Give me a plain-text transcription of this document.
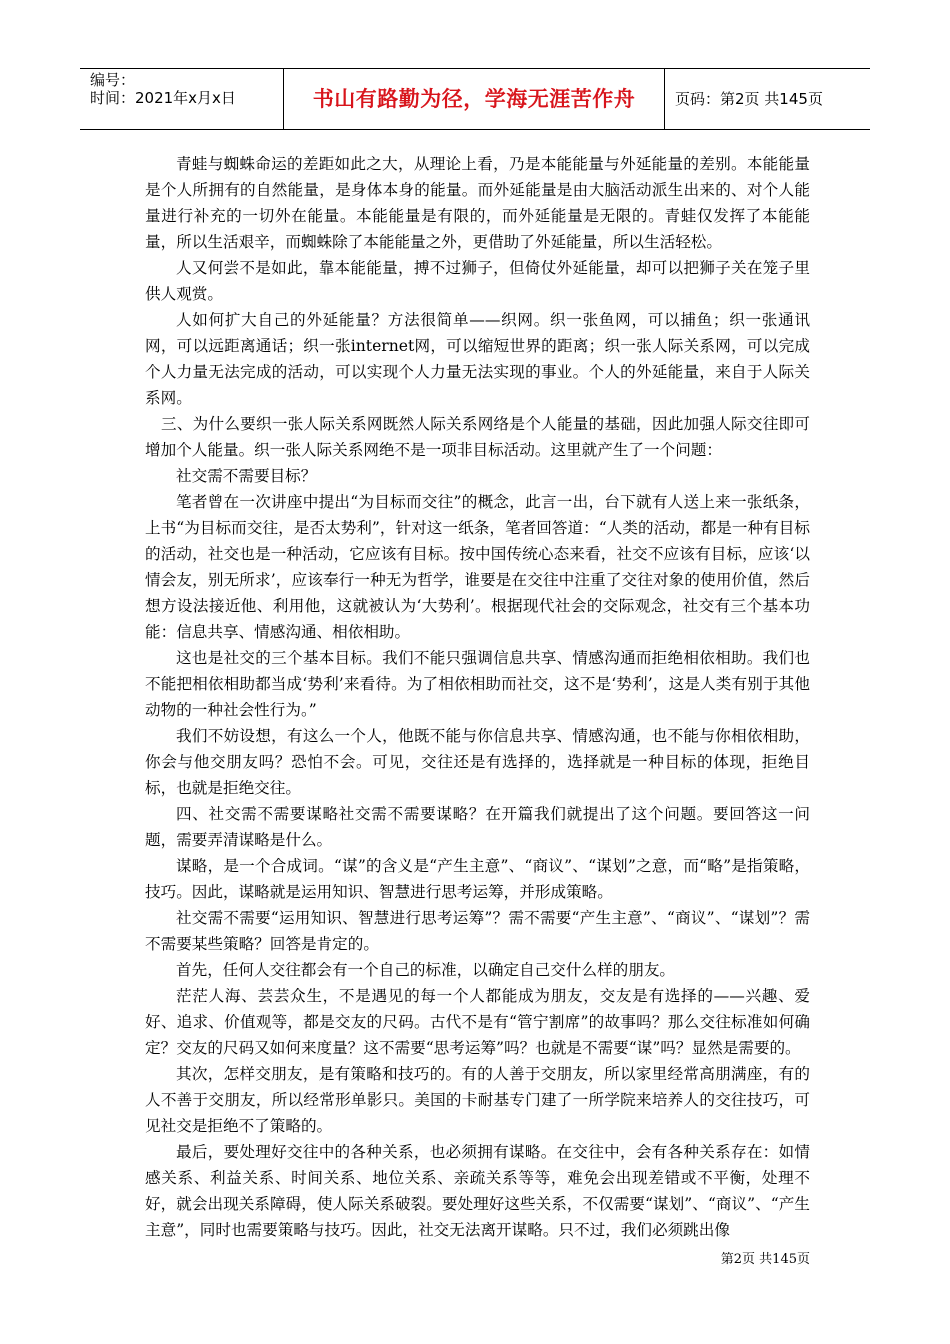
编号：
时间：2021年x月x日	书山有路勤为径，学海无涯苦作舟	页码：第2页 共145页

青蛙与蜘蛛命运的差距如此之大，从理论上看，乃是本能能量与外延能量的差别。本能能量是个人所拥有的自然能量，是身体本身的能量。而外延能量是由大脑活动派生出来的、对个人能量进行补充的一切外在能量。本能能量是有限的，而外延能量是无限的。青蛙仅发挥了本能能量，所以生活艰辛，而蜘蛛除了本能能量之外，更借助了外延能量，所以生活轻松。

人又何尝不是如此，靠本能能量，搏不过狮子，但倚仗外延能量，却可以把狮子关在笼子里供人观赏。

人如何扩大自己的外延能量？方法很简单——织网。织一张鱼网，可以捕鱼；织一张通讯网，可以远距离通话；织一张internet网，可以缩短世界的距离；织一张人际关系网，可以完成个人力量无法完成的活动，可以实现个人力量无法实现的事业。个人的外延能量，来自于人际关系网。

三、为什么要织一张人际关系网既然人际关系网络是个人能量的基础，因此加强人际交往即可增加个人能量。织一张人际关系网绝不是一项非目标活动。这里就产生了一个问题：

社交需不需要目标？

笔者曾在一次讲座中提出“为目标而交往”的概念，此言一出，台下就有人送上来一张纸条，上书“为目标而交往，是否太势利”，针对这一纸条，笔者回答道：“人类的活动，都是一种有目标的活动，社交也是一种活动，它应该有目标。按中国传统心态来看，社交不应该有目标，应该‘以情会友，别无所求’，应该奉行一种无为哲学，谁要是在交往中注重了交往对象的使用价值，然后想方设法接近他、利用他，这就被认为‘大势利’。根据现代社会的交际观念，社交有三个基本功能：信息共享、情感沟通、相依相助。

这也是社交的三个基本目标。我们不能只强调信息共享、情感沟通而拒绝相依相助。我们也不能把相依相助都当成‘势利’来看待。为了相依相助而社交，这不是‘势利’，这是人类有别于其他动物的一种社会性行为。”

我们不妨设想，有这么一个人，他既不能与你信息共享、情感沟通，也不能与你相依相助，你会与他交朋友吗？恐怕不会。可见，交往还是有选择的，选择就是一种目标的体现，拒绝目标，也就是拒绝交往。

四、社交需不需要谋略社交需不需要谋略？在开篇我们就提出了这个问题。要回答这一问题，需要弄清谋略是什么。

谋略，是一个合成词。“谋”的含义是“产生主意”、“商议”、“谋划”之意，而“略”是指策略，技巧。因此，谋略就是运用知识、智慧进行思考运筹，并形成策略。

社交需不需要“运用知识、智慧进行思考运筹”？需不需要“产生主意”、“商议”、“谋划”？需不需要某些策略？回答是肯定的。

首先，任何人交往都会有一个自己的标准，以确定自己交什么样的朋友。

茫茫人海、芸芸众生，不是遇见的每一个人都能成为朋友，交友是有选择的——兴趣、爱好、追求、价值观等，都是交友的尺码。古代不是有“管宁割席”的故事吗？那么交往标准如何确定？交友的尺码又如何来度量？这不需要“思考运筹”吗？也就是不需要“谋”吗？显然是需要的。

其次，怎样交朋友，是有策略和技巧的。有的人善于交朋友，所以家里经常高朋满座，有的人不善于交朋友，所以经常形单影只。美国的卡耐基专门建了一所学院来培养人的交往技巧，可见社交是拒绝不了策略的。

最后，要处理好交往中的各种关系，也必须拥有谋略。在交往中，会有各种关系存在：如情感关系、利益关系、时间关系、地位关系、亲疏关系等等，难免会出现差错或不平衡，处理不好，就会出现关系障碍，使人际关系破裂。要处理好这些关系，不仅需要“谋划”、“商议”、“产生主意”，同时也需要策略与技巧。因此，社交无法离开谋略。只不过，我们必须跳出像

第2页 共145页
